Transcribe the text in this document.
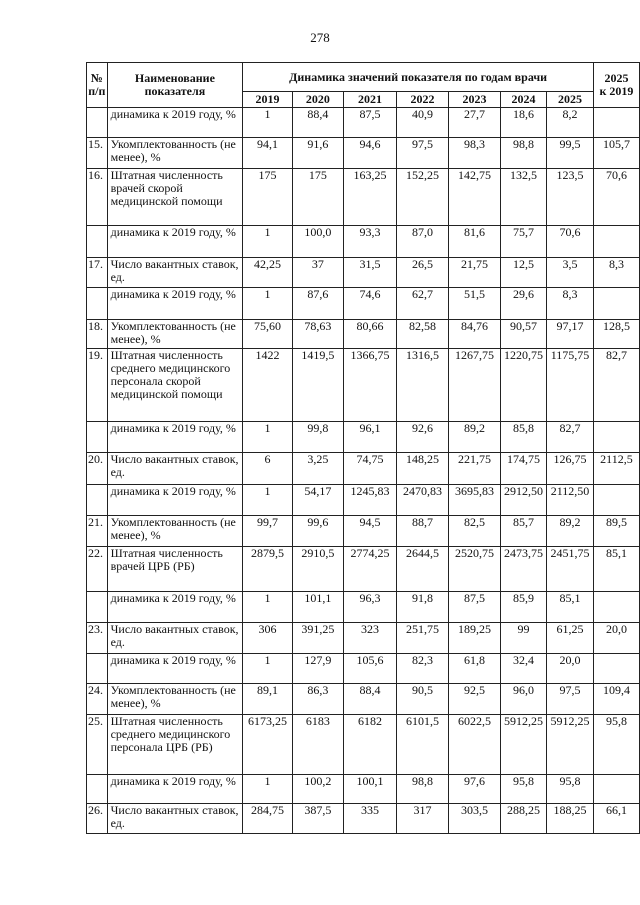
278
№
п/п	Наименование показателя	Динамика значений показателя по годам врачи							2025
к 2019
		2019	2020	2021	2022	2023	2024	2025	
	динамика к 2019 году, %	1	88,4	87,5	40,9	27,7	18,6	8,2	
15.	Укомплектованность (не менее), %	94,1	91,6	94,6	97,5	98,3	98,8	99,5	105,7
16.	Штатная численность врачей скорой медицинской помощи	175	175	163,25	152,25	142,75	132,5	123,5	70,6
	динамика к 2019 году, %	1	100,0	93,3	87,0	81,6	75,7	70,6	
17.	Число вакантных ставок, ед.	42,25	37	31,5	26,5	21,75	12,5	3,5	8,3
	динамика к 2019 году, %	1	87,6	74,6	62,7	51,5	29,6	8,3	
18.	Укомплектованность (не менее), %	75,60	78,63	80,66	82,58	84,76	90,57	97,17	128,5
19.	Штатная численность среднего медицинского персонала скорой медицинской помощи	1422	1419,5	1366,75	1316,5	1267,75	1220,75	1175,75	82,7
	динамика к 2019 году, %	1	99,8	96,1	92,6	89,2	85,8	82,7	
20.	Число вакантных ставок, ед.	6	3,25	74,75	148,25	221,75	174,75	126,75	2112,5
	динамика к 2019 году, %	1	54,17	1245,83	2470,83	3695,83	2912,50	2112,50	
21.	Укомплектованность (не менее), %	99,7	99,6	94,5	88,7	82,5	85,7	89,2	89,5
22.	Штатная численность врачей ЦРБ (РБ)	2879,5	2910,5	2774,25	2644,5	2520,75	2473,75	2451,75	85,1
	динамика к 2019 году, %	1	101,1	96,3	91,8	87,5	85,9	85,1	
23.	Число вакантных ставок, ед.	306	391,25	323	251,75	189,25	99	61,25	20,0
	динамика к 2019 году, %	1	127,9	105,6	82,3	61,8	32,4	20,0	
24.	Укомплектованность (не менее), %	89,1	86,3	88,4	90,5	92,5	96,0	97,5	109,4
25.	Штатная численность среднего медицинского персонала ЦРБ (РБ)	6173,25	6183	6182	6101,5	6022,5	5912,25	5912,25	95,8
	динамика к 2019 году, %	1	100,2	100,1	98,8	97,6	95,8	95,8	
26.	Число вакантных ставок, ед.	284,75	387,5	335	317	303,5	288,25	188,25	66,1
